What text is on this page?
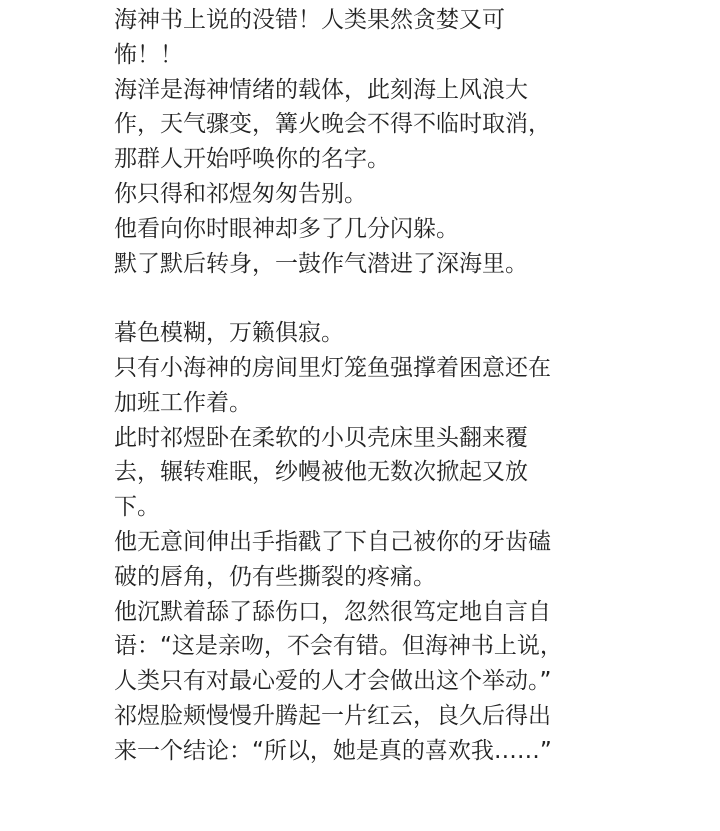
海神书上说的没错！人类果然贪婪又可
怖！！
海洋是海神情绪的载体，此刻海上风浪大
作，天气骤变，篝火晚会不得不临时取消，
那群人开始呼唤你的名字。
你只得和祁煜匆匆告别。
他看向你时眼神却多了几分闪躲。
默了默后转身，一鼓作气潜进了深海里。
暮色模糊，万籁俱寂。
只有小海神的房间里灯笼鱼强撑着困意还在
加班工作着。
此时祁煜卧在柔软的小贝壳床里头翻来覆
去，辗转难眠，纱幔被他无数次掀起又放
下。
他无意间伸出手指戳了下自己被你的牙齿磕
破的唇角，仍有些撕裂的疼痛。
他沉默着舔了舔伤口，忽然很笃定地自言自
语：“这是亲吻，不会有错。但海神书上说，
人类只有对最心爱的人才会做出这个举动。”
祁煜脸颊慢慢升腾起一片红云，良久后得出
来一个结论：“所以，她是真的喜欢我……”
